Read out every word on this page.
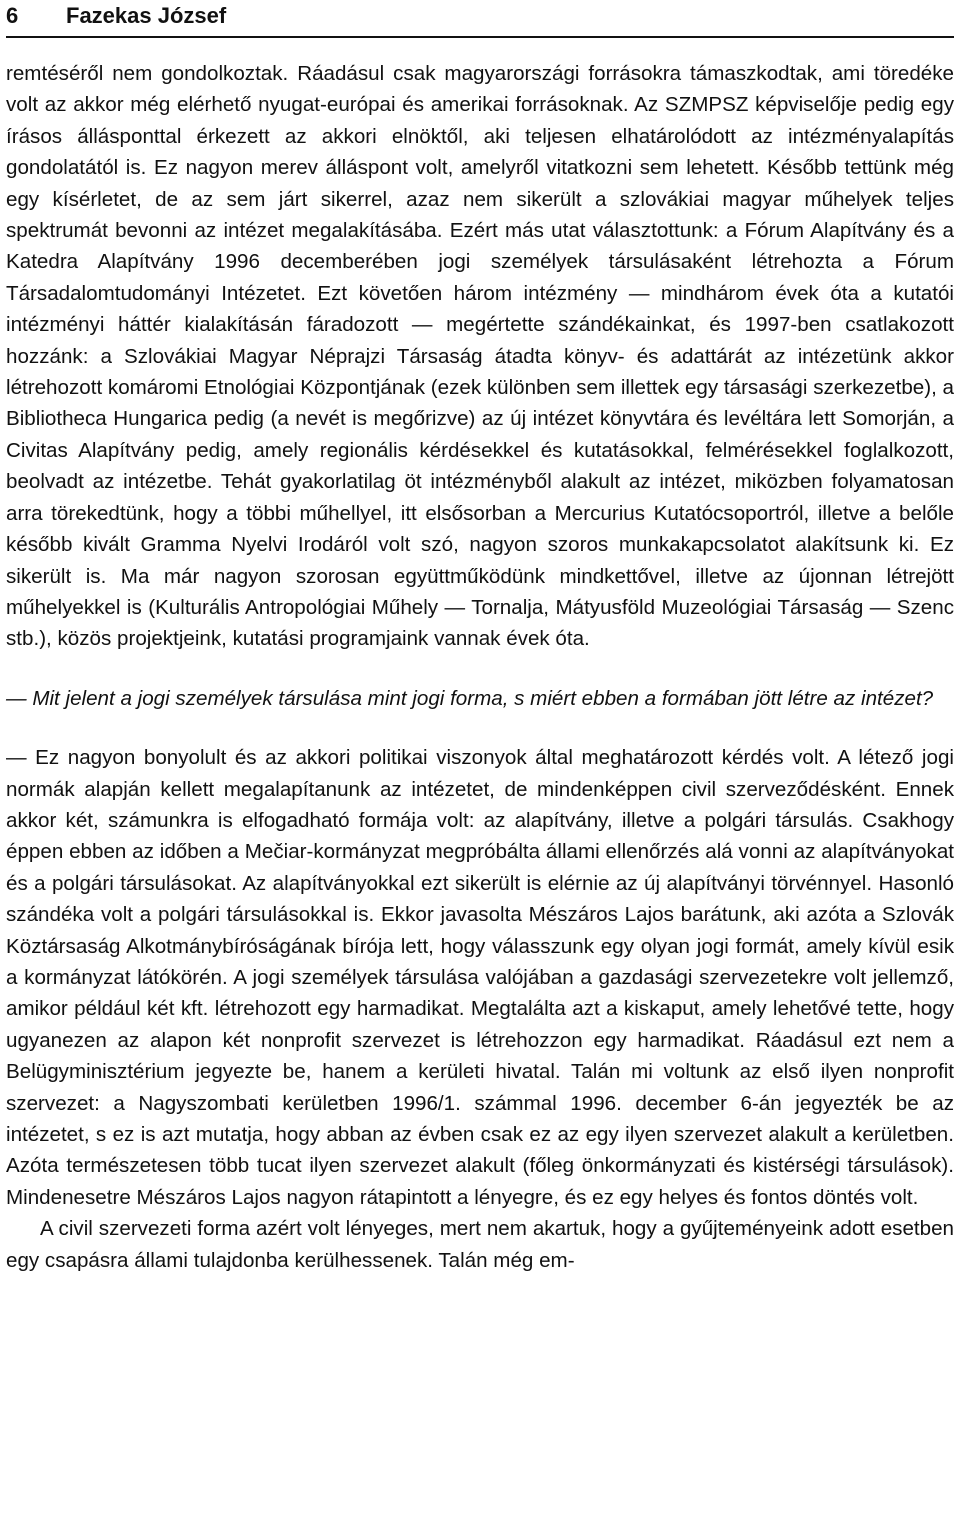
6 Fazekas József

remtéséről nem gondolkoztak. Ráadásul csak magyarországi forrásokra támaszkodtak, ami töredéke volt az akkor még elérhető nyugat-európai és amerikai forrásoknak. Az SZMPSZ képviselője pedig egy írásos állásponttal érkezett az akkori elnöktől, aki teljesen elhatárolódott az intézményalapítás gondolatától is. Ez nagyon merev álláspont volt, amelyről vitatkozni sem lehetett. Később tettünk még egy kísérletet, de az sem járt sikerrel, azaz nem sikerült a szlovákiai magyar műhelyek teljes spektrumát bevonni az intézet megalakításába. Ezért más utat választottunk: a Fórum Alapítvány és a Katedra Alapítvány 1996 decemberében jogi személyek társulásaként létrehozta a Fórum Társadalomtudományi Intézetet. Ezt követően három intézmény — mindhárom évek óta a kutatói intézményi háttér kialakításán fáradozott — megértette szándékainkat, és 1997-ben csatlakozott hozzánk: a Szlovákiai Magyar Néprajzi Társaság átadta könyv- és adattárát az intézetünk akkor létrehozott komáromi Etnológiai Központjának (ezek különben sem illettek egy társasági szerkezetbe), a Bibliotheca Hungarica pedig (a nevét is megőrizve) az új intézet könyvtára és levéltára lett Somorján, a Civitas Alapítvány pedig, amely regionális kérdésekkel és kutatásokkal, felmérésekkel foglalkozott, beolvadt az intézetbe. Tehát gyakorlatilag öt intézményből alakult az intézet, miközben folyamatosan arra törekedtünk, hogy a többi műhellyel, itt elsősorban a Mercurius Kutatócsoportról, illetve a belőle később kivált Gramma Nyelvi Irodáról volt szó, nagyon szoros munkakapcsolatot alakítsunk ki. Ez sikerült is. Ma már nagyon szorosan együttműködünk mindkettővel, illetve az újonnan létrejött műhelyekkel is (Kulturális Antropológiai Műhely — Tornalja, Mátyusföld Muzeológiai Társaság — Szenc stb.), közös projektjeink, kutatási programjaink vannak évek óta.

— Mit jelent a jogi személyek társulása mint jogi forma, s miért ebben a formában jött létre az intézet?

— Ez nagyon bonyolult és az akkori politikai viszonyok által meghatározott kérdés volt. A létező jogi normák alapján kellett megalapítanunk az intézetet, de mindenképpen civil szerveződésként. Ennek akkor két, számunkra is elfogadható formája volt: az alapítvány, illetve a polgári társulás. Csakhogy éppen ebben az időben a Mečiar-kormányzat megpróbálta állami ellenőrzés alá vonni az alapítványokat és a polgári társulásokat. Az alapítványokkal ezt sikerült is elérnie az új alapítványi törvénnyel. Hasonló szándéka volt a polgári társulásokkal is. Ekkor javasolta Mészáros Lajos barátunk, aki azóta a Szlovák Köztársaság Alkotmánybíróságának bírója lett, hogy válasszunk egy olyan jogi formát, amely kívül esik a kormányzat látókörén. A jogi személyek társulása valójában a gazdasági szervezetekre volt jellemző, amikor például két kft. létrehozott egy harmadikat. Megtalálta azt a kiskaput, amely lehetővé tette, hogy ugyanezen az alapon két nonprofit szervezet is létrehozzon egy harmadikat. Ráadásul ezt nem a Belügyminisztérium jegyezte be, hanem a kerületi hivatal. Talán mi voltunk az első ilyen nonprofit szervezet: a Nagyszombati kerületben 1996/1. számmal 1996. december 6-án jegyezték be az intézetet, s ez is azt mutatja, hogy abban az évben csak ez az egy ilyen szervezet alakult a kerületben. Azóta természetesen több tucat ilyen szervezet alakult (főleg önkormányzati és kistérségi társulások). Mindenesetre Mészáros Lajos nagyon rátapintott a lényegre, és ez egy helyes és fontos döntés volt.

A civil szervezeti forma azért volt lényeges, mert nem akartuk, hogy a gyűjteményeink adott esetben egy csapásra állami tulajdonba kerülhessenek. Talán még em-
